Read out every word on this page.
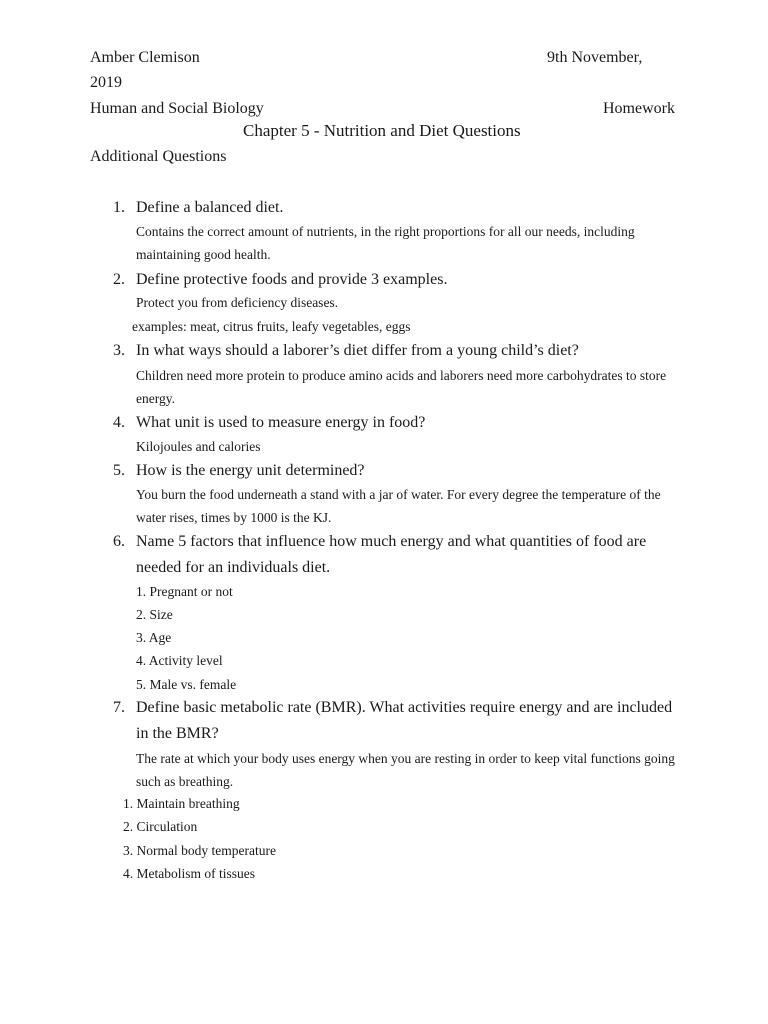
Amber Clemison	9th November,
2019
Human and Social Biology	Homework
Chapter 5 - Nutrition and Diet Questions
Additional Questions
1. Define a balanced diet.
Contains the correct amount of nutrients, in the right proportions for all our needs, including maintaining good health.
2. Define protective foods and provide 3 examples.
Protect you from deficiency diseases.
examples: meat, citrus fruits, leafy vegetables, eggs
3. In what ways should a laborer’s diet differ from a young child’s diet?
Children need more protein to produce amino acids and laborers need more carbohydrates to store energy.
4. What unit is used to measure energy in food?
Kilojoules and calories
5. How is the energy unit determined?
You burn the food underneath a stand with a jar of water. For every degree the temperature of the water rises, times by 1000 is the KJ.
6. Name 5 factors that influence how much energy and what quantities of food are needed for an individuals diet.
1. Pregnant or not
2. Size
3. Age
4. Activity level
5. Male vs. female
7. Define basic metabolic rate (BMR). What activities require energy and are included in the BMR?
The rate at which your body uses energy when you are resting in order to keep vital functions going such as breathing.
1. Maintain breathing
2. Circulation
3. Normal body temperature
4. Metabolism of tissues
